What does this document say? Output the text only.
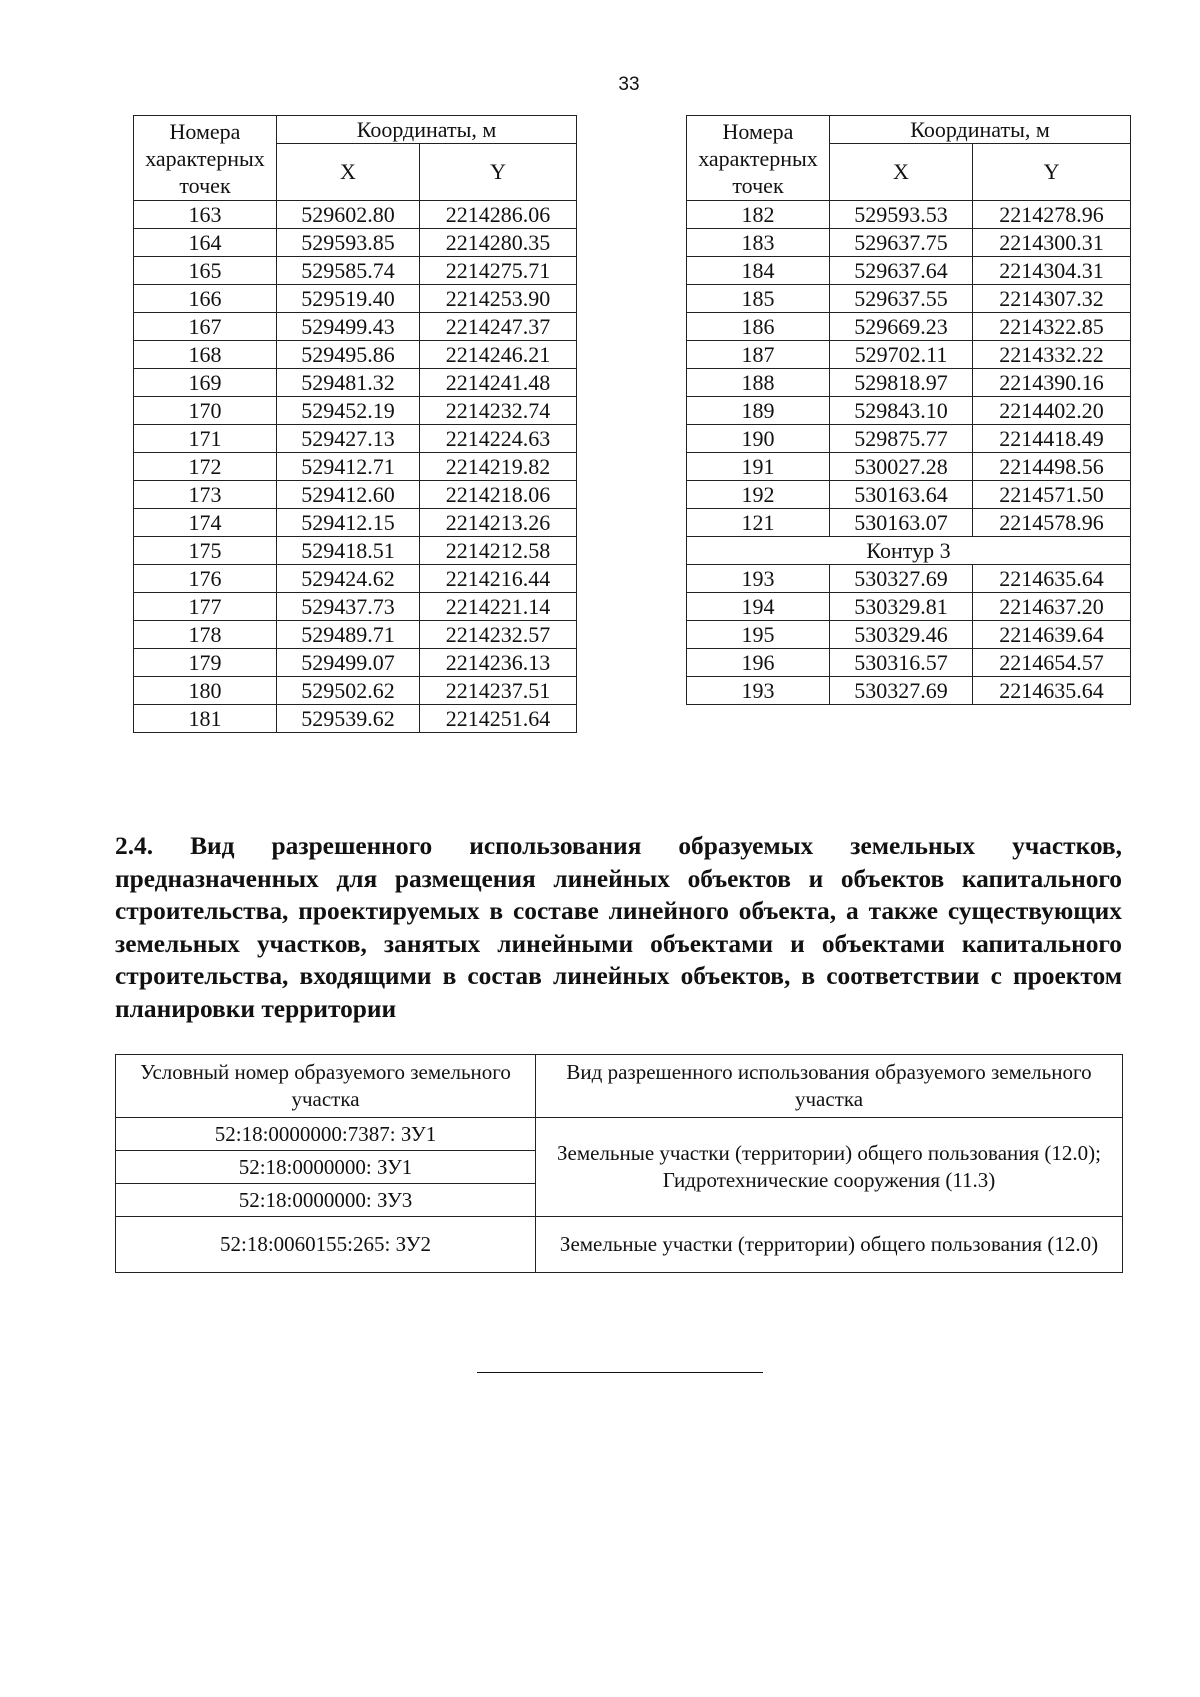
33
Номера характерных точек	Координаты, м	
	X	Y
163	529602.80	2214286.06
164	529593.85	2214280.35
165	529585.74	2214275.71
166	529519.40	2214253.90
167	529499.43	2214247.37
168	529495.86	2214246.21
169	529481.32	2214241.48
170	529452.19	2214232.74
171	529427.13	2214224.63
172	529412.71	2214219.82
173	529412.60	2214218.06
174	529412.15	2214213.26
175	529418.51	2214212.58
176	529424.62	2214216.44
177	529437.73	2214221.14
178	529489.71	2214232.57
179	529499.07	2214236.13
180	529502.62	2214237.51
181	529539.62	2214251.64
Номера характерных точек	Координаты, м	
	X	Y
182	529593.53	2214278.96
183	529637.75	2214300.31
184	529637.64	2214304.31
185	529637.55	2214307.32
186	529669.23	2214322.85
187	529702.11	2214332.22
188	529818.97	2214390.16
189	529843.10	2214402.20
190	529875.77	2214418.49
191	530027.28	2214498.56
192	530163.64	2214571.50
121	530163.07	2214578.96
Контур 3		
193	530327.69	2214635.64
194	530329.81	2214637.20
195	530329.46	2214639.64
196	530316.57	2214654.57
193	530327.69	2214635.64

2.4. Вид разрешенного использования образуемых земельных участков, предназначенных для размещения линейных объектов и объектов капитального строительства, проектируемых в составе линейного объекта, а также существующих земельных участков, занятых линейными объектами и объектами капитального строительства, входящими в состав линейных объектов, в соответствии с проектом планировки территории

Условный номер образуемого земельного участка	Вид разрешенного использования образуемого земельного участка
52:18:0000000:7387: ЗУ1	Земельные участки (территории) общего пользования (12.0); Гидротехнические сооружения (11.3)
52:18:0000000: ЗУ1	
52:18:0000000: ЗУ3	
52:18:0060155:265: ЗУ2	Земельные участки (территории) общего пользования (12.0)
